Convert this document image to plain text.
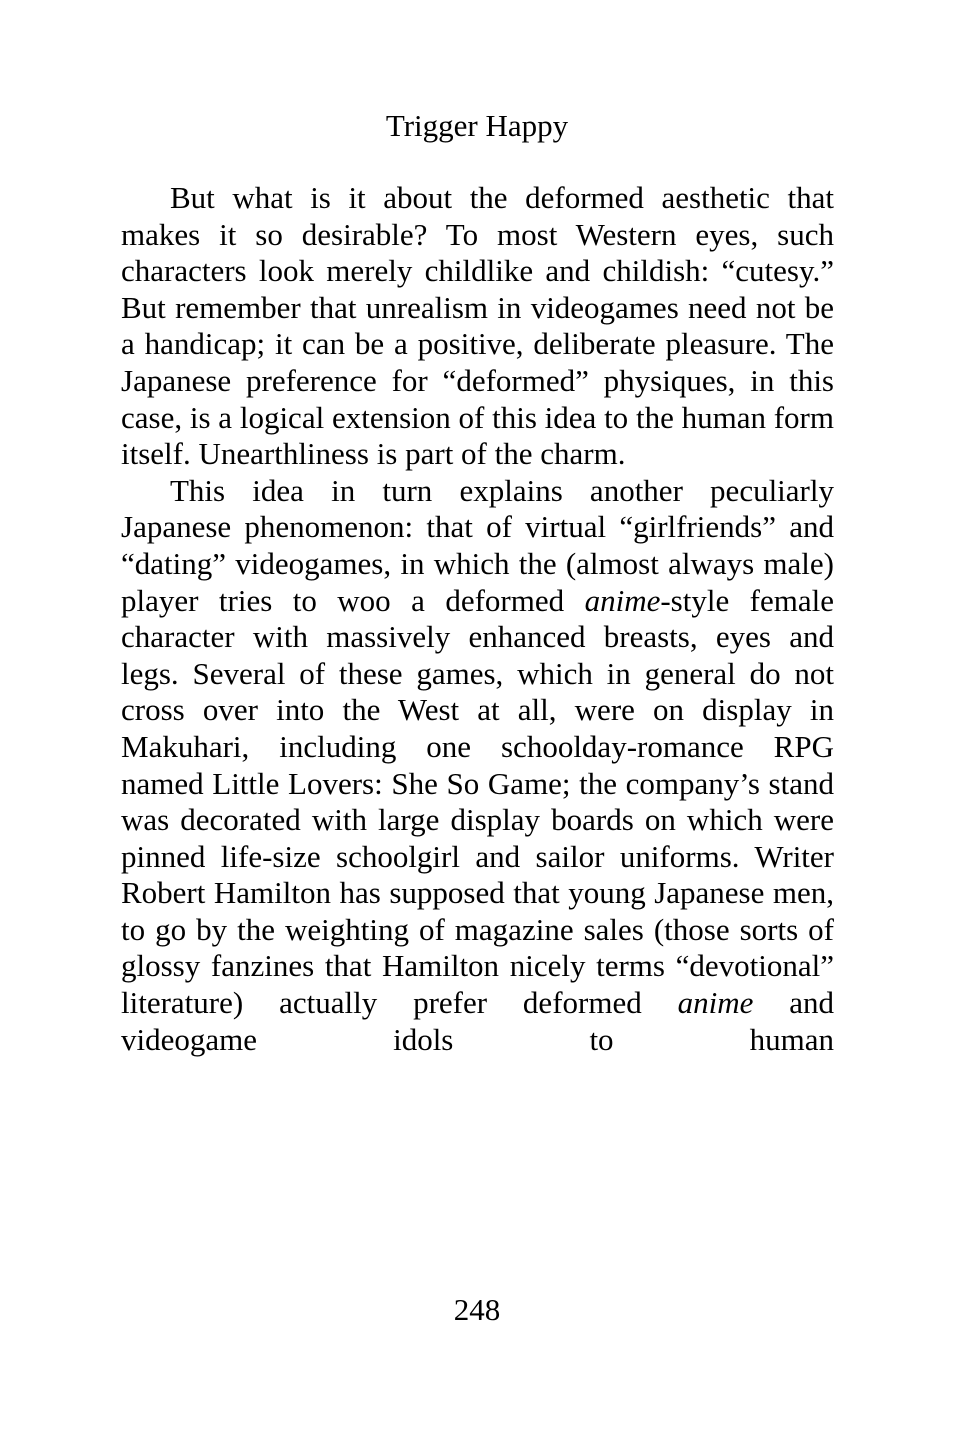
Trigger Happy

But what is it about the deformed aesthetic that makes it so desirable? To most Western eyes, such characters look merely childlike and childish: “cutesy.” But remember that unrealism in videogames need not be a handicap; it can be a positive, deliberate pleasure. The Japanese preference for “deformed” physiques, in this case, is a logical extension of this idea to the human form itself. Unearthliness is part of the charm.

This idea in turn explains another peculiarly Japanese phenomenon: that of virtual “girlfriends” and “dating” videogames, in which the (almost always male) player tries to woo a deformed anime-style female character with massively enhanced breasts, eyes and legs. Several of these games, which in general do not cross over into the West at all, were on display in Makuhari, including one schoolday-romance RPG named Little Lovers: She So Game; the company’s stand was decorated with large display boards on which were pinned life-size schoolgirl and sailor uniforms. Writer Robert Hamilton has supposed that young Japanese men, to go by the weighting of magazine sales (those sorts of glossy fanzines that Hamilton nicely terms “devotional” literature) actually prefer deformed anime and videogame idols to human

248
